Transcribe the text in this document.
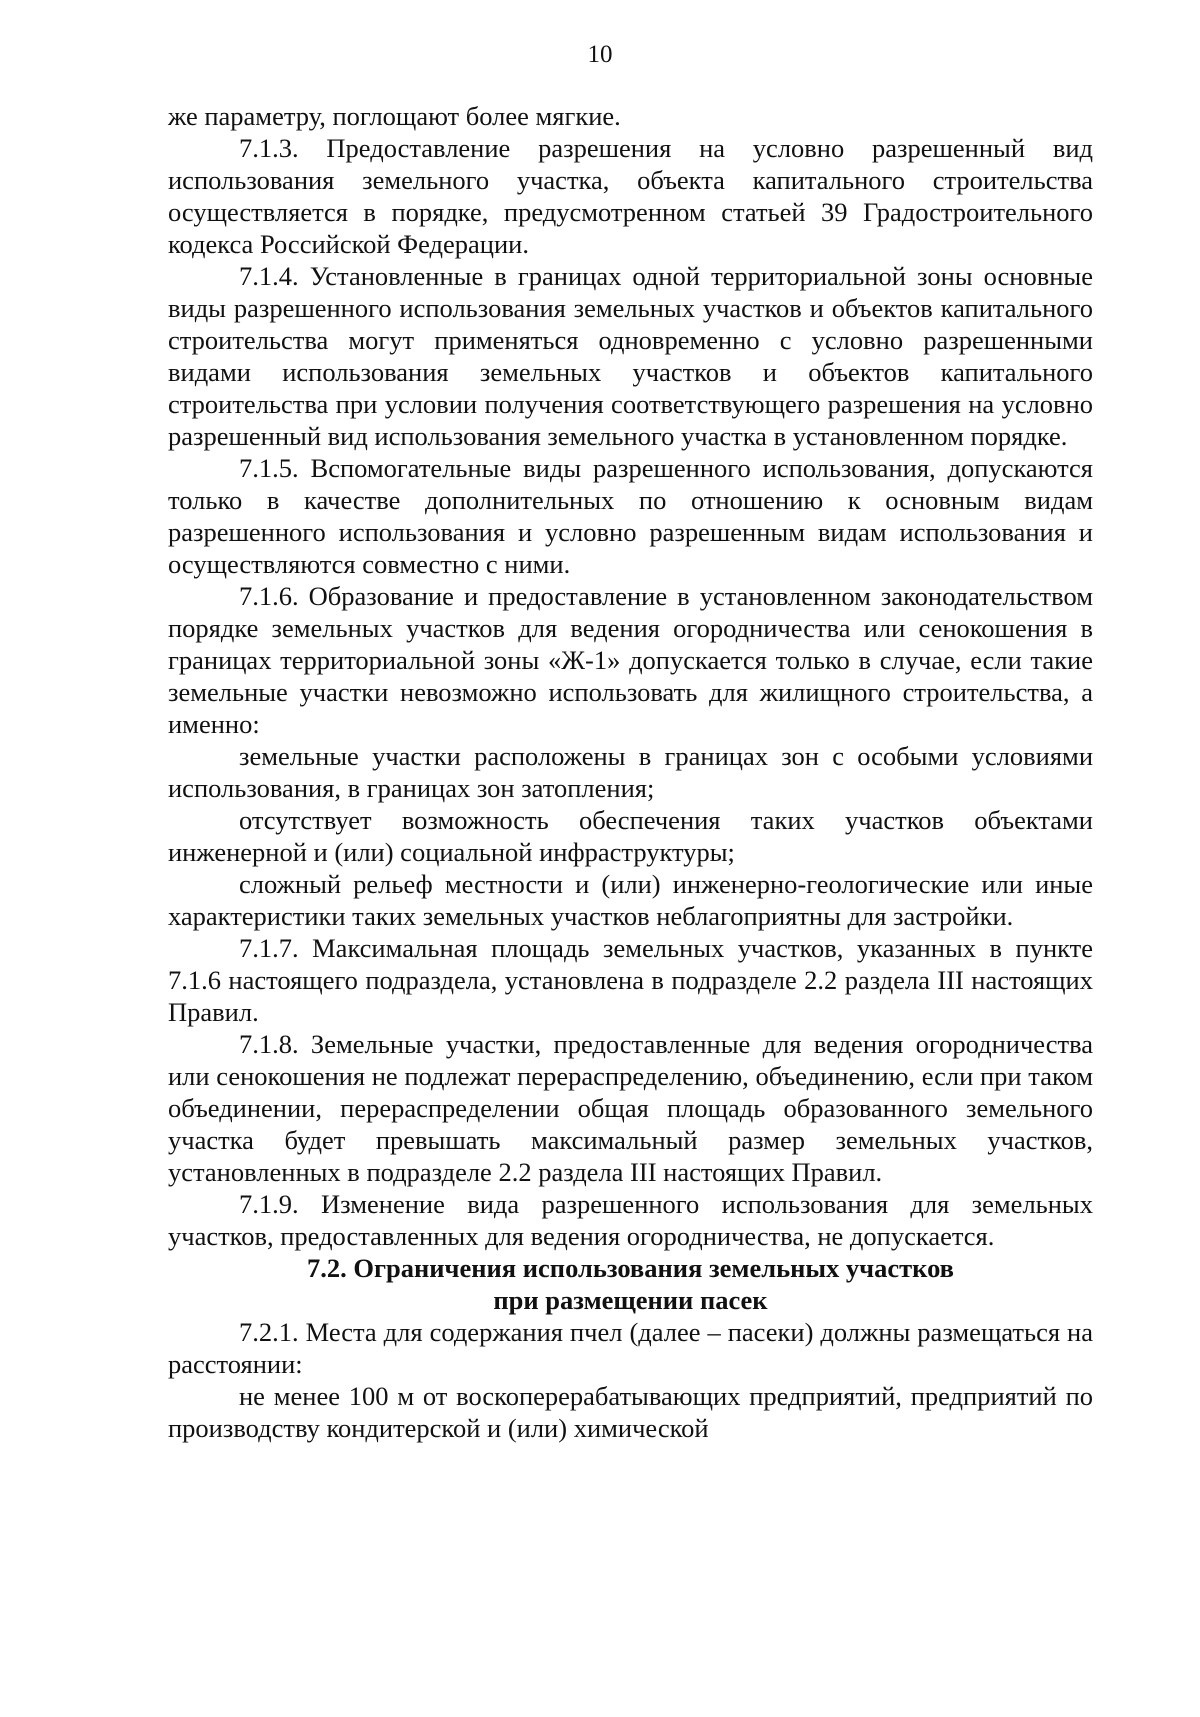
10

же параметру, поглощают более мягкие.

7.1.3. Предоставление разрешения на условно разрешенный вид использования земельного участка, объекта капитального строительства осуществляется в порядке, предусмотренном статьей 39 Градостроительного кодекса Российской Федерации.

7.1.4. Установленные в границах одной территориальной зоны основные виды разрешенного использования земельных участков и объектов капитального строительства могут применяться одновременно с условно разрешенными видами использования земельных участков и объектов капитального строительства при условии получения соответствующего разрешения на условно разрешенный вид использования земельного участка в установленном порядке.

7.1.5. Вспомогательные виды разрешенного использования, допускаются только в качестве дополнительных по отношению к основным видам разрешенного использования и условно разрешенным видам использования и осуществляются совместно с ними.

7.1.6. Образование и предоставление в установленном законодательством порядке земельных участков для ведения огородничества или сенокошения в границах территориальной зоны «Ж-1» допускается только в случае, если такие земельные участки невозможно использовать для жилищного строительства, а именно:

земельные участки расположены в границах зон с особыми условиями использования, в границах зон затопления;

отсутствует возможность обеспечения таких участков объектами инженерной и (или) социальной инфраструктуры;

сложный рельеф местности и (или) инженерно-геологические или иные характеристики таких земельных участков неблагоприятны для застройки.

7.1.7. Максимальная площадь земельных участков, указанных в пункте 7.1.6 настоящего подраздела, установлена в подразделе 2.2 раздела III настоящих Правил.

7.1.8. Земельные участки, предоставленные для ведения огородничества или сенокошения не подлежат перераспределению, объединению, если при таком объединении, перераспределении общая площадь образованного земельного участка будет превышать максимальный размер земельных участков, установленных в подразделе 2.2 раздела III настоящих Правил.

7.1.9. Изменение вида разрешенного использования для земельных участков, предоставленных для ведения огородничества, не допускается.

7.2. Ограничения использования земельных участков
при размещении пасек

7.2.1. Места для содержания пчел (далее – пасеки) должны размещаться на расстоянии:

не менее 100 м от воскоперерабатывающих предприятий, предприятий по производству кондитерской и (или) химической
